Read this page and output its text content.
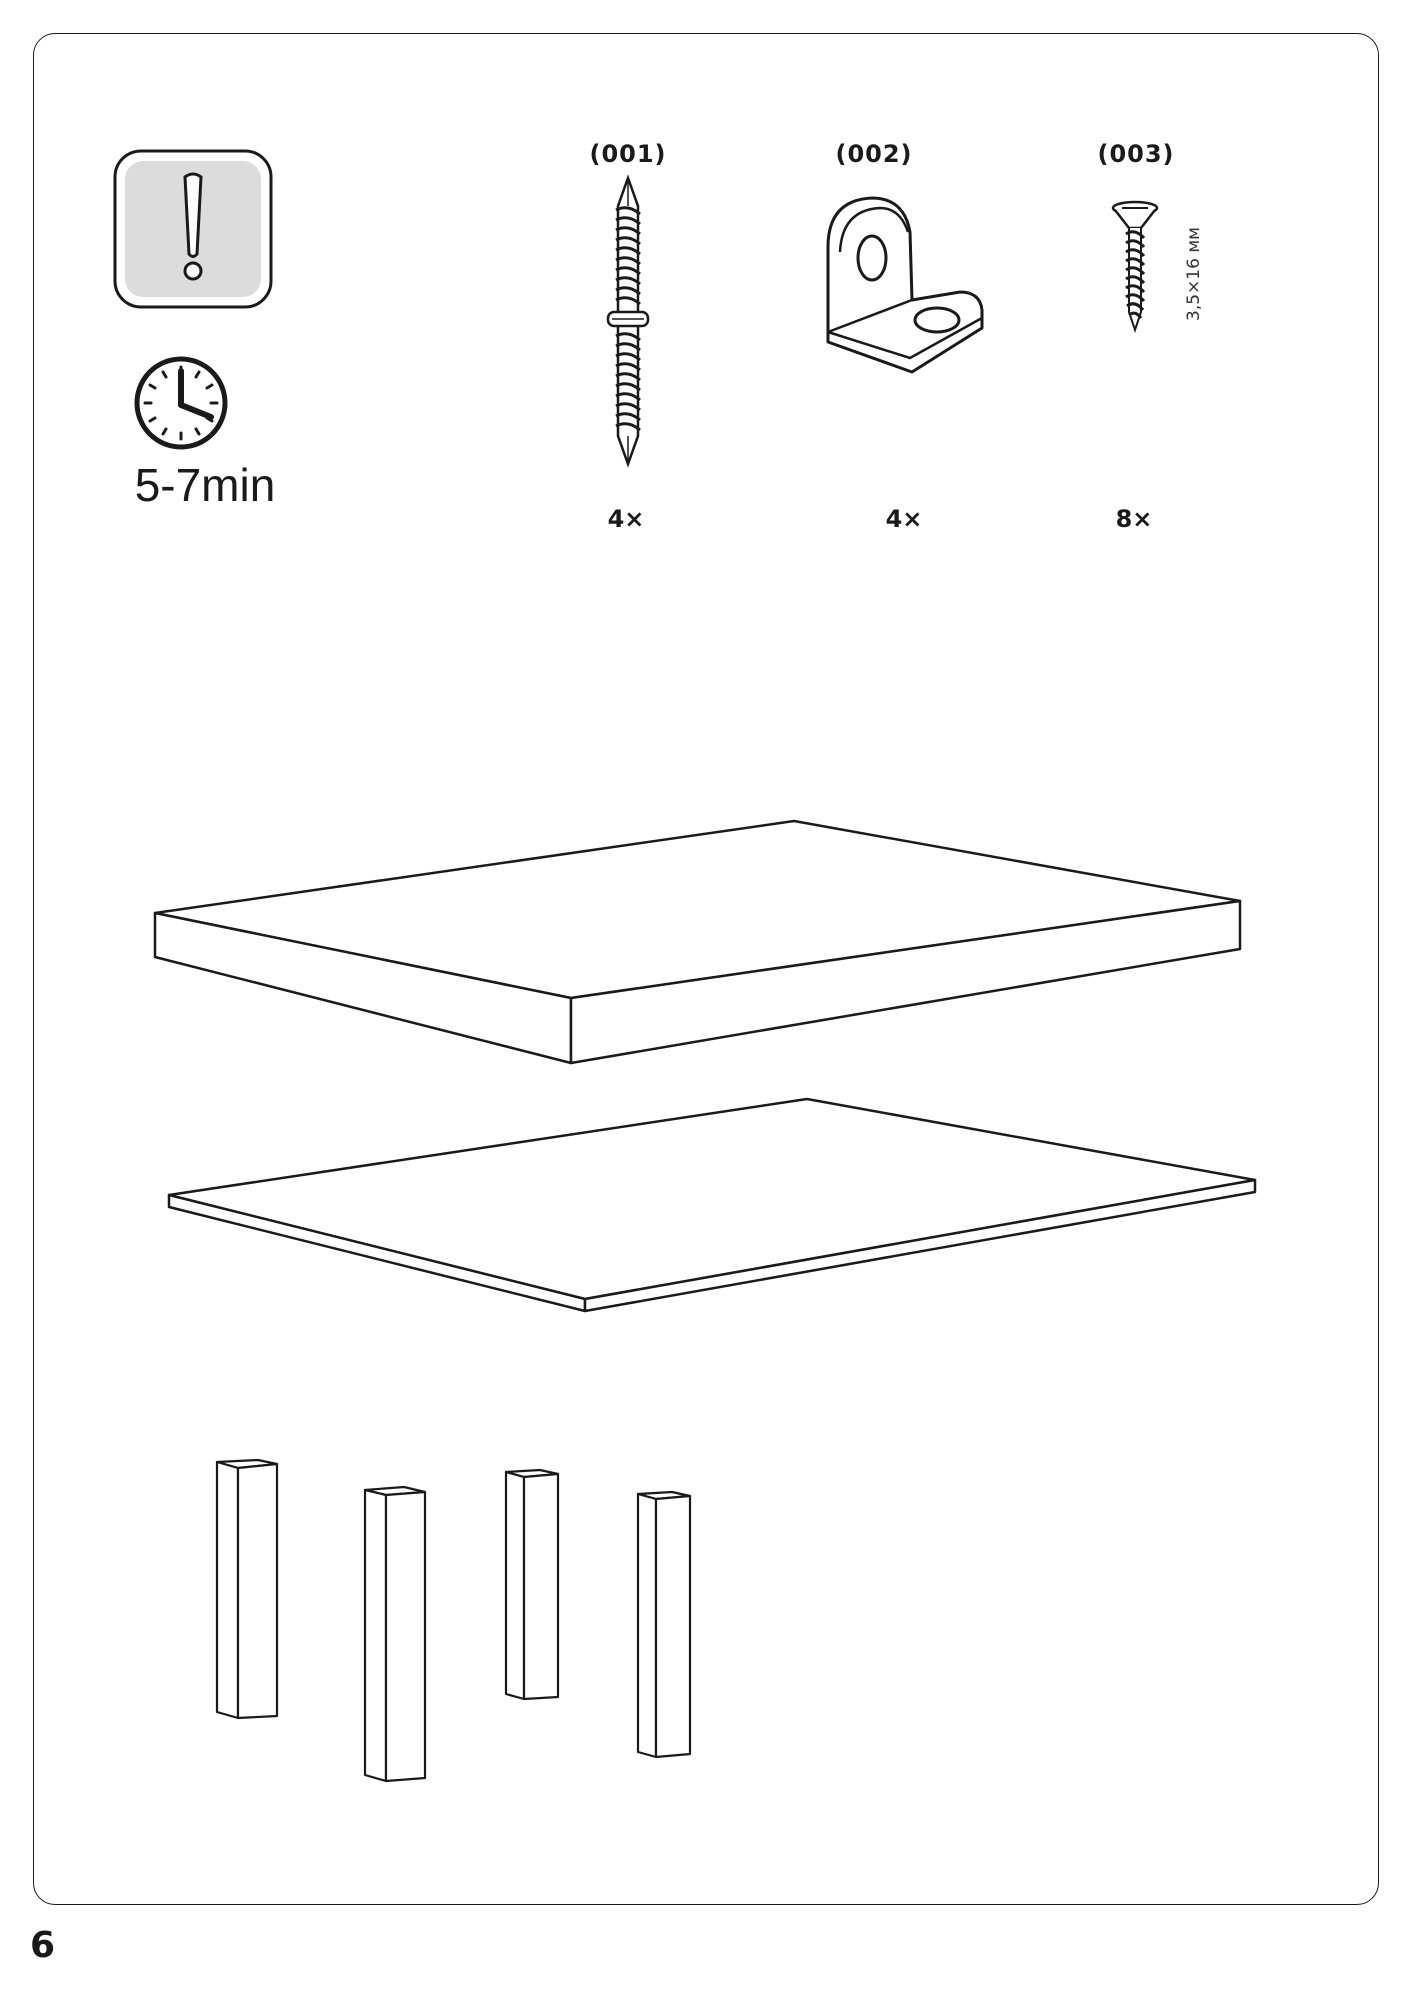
5-7min
(001)	(002)	(003)
3,5×16 мм
4×	4×	8×
6
